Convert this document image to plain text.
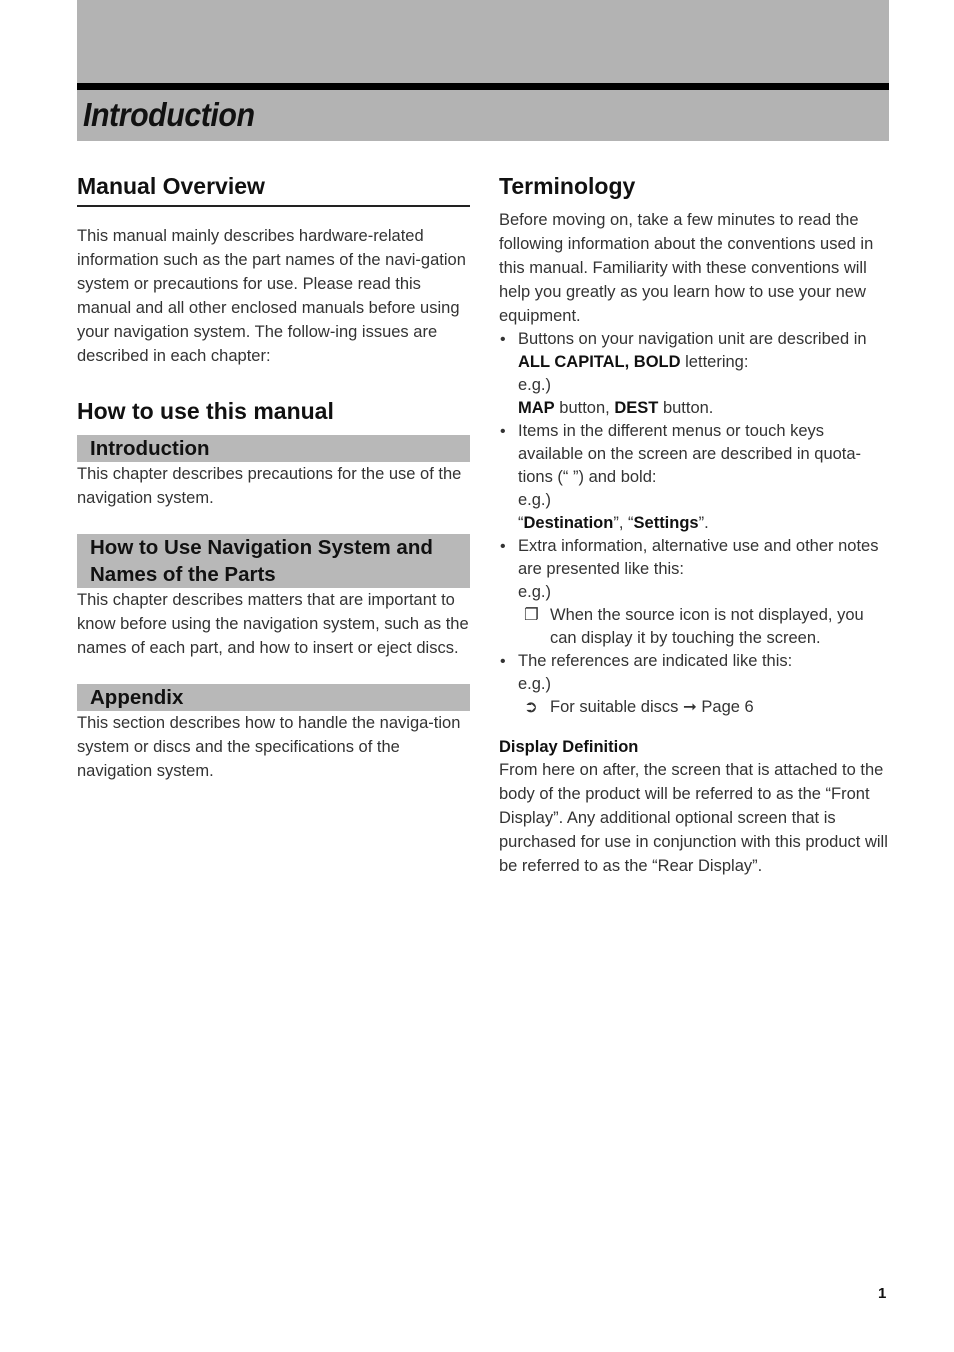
Introduction
Manual Overview

This manual mainly describes hardware-related information such as the part names of the navi-gation system or precautions for use. Please read this manual and all other enclosed manuals before using your navigation system. The follow-ing issues are described in each chapter:

How to use this manual
Introduction

This chapter describes precautions for the use of the navigation system.

How to Use Navigation System and Names of the Parts

This chapter describes matters that are important to know before using the navigation system, such as the names of each part, and how to insert or eject discs.

Appendix

This section describes how to handle the naviga-tion system or discs and the specifications of the navigation system.

Terminology

Before moving on, take a few minutes to read the following information about the conventions used in this manual. Familiarity with these conventions will help you greatly as you learn how to use your new equipment.

• Buttons on your navigation unit are described in ALL CAPITAL, BOLD lettering:
e.g.)
MAP button, DEST button.
• Items in the different menus or touch keys available on the screen are described in quota-tions (“ ”) and bold:
e.g.)
“Destination”, “Settings”.
• Extra information, alternative use and other notes are presented like this:
e.g.)
❐ When the source icon is not displayed, you can display it by touching the screen.
• The references are indicated like this:
e.g.)
➲ For suitable discs ➞ Page 6
Display Definition

From here on after, the screen that is attached to the body of the product will be referred to as the “Front Display”. Any additional optional screen that is purchased for use in conjunction with this product will be referred to as the “Rear Display”.

1
